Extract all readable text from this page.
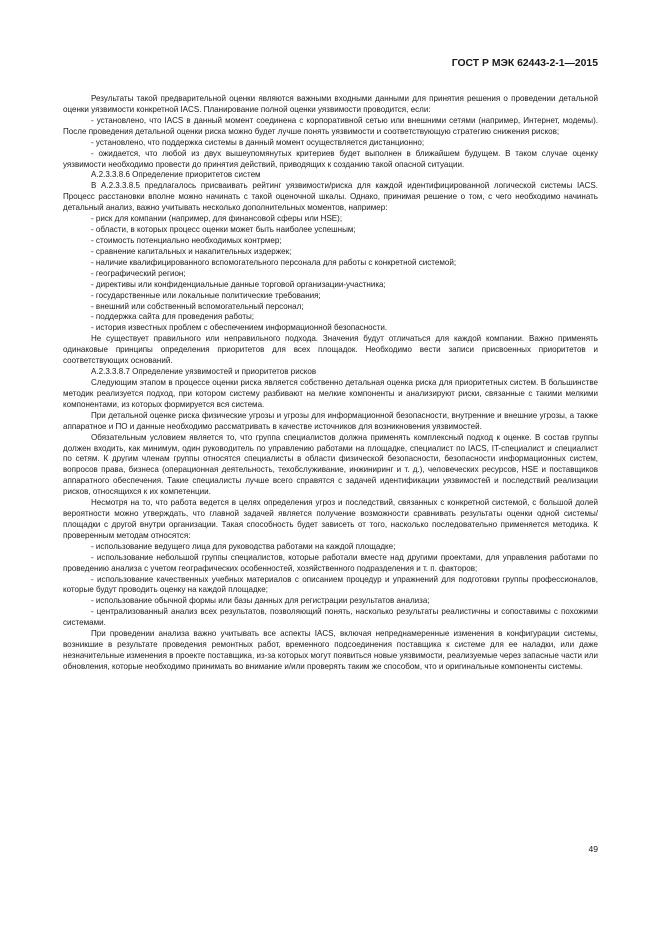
ГОСТ Р МЭК 62443-2-1—2015

Результаты такой предварительной оценки являются важными входными данными для принятия решения о проведении детальной оценки уязвимости конкретной IACS. Планирование полной оценки уязвимости проводится, если:

- установлено, что IACS в данный момент соединена с корпоративной сетью или внешними сетями (например, Интернет, модемы). После проведения детальной оценки риска можно будет лучше понять уязвимости и соответствующую стратегию снижения рисков;

- установлено, что поддержка системы в данный момент осуществляется дистанционно;

- ожидается, что любой из двух вышеупомянутых критериев будет выполнен в ближайшем будущем. В таком случае оценку уязвимости необходимо провести до принятия действий, приводящих к созданию такой опасной ситуации.

А.2.3.3.8.6 Определение приоритетов систем

В А.2.3.3.8.5 предлагалось присваивать рейтинг уязвимости/риска для каждой идентифицированной логической системы IACS. Процесс расстановки вполне можно начинать с такой оценочной шкалы. Однако, принимая решение о том, с чего необходимо начинать детальный анализ, важно учитывать несколько дополнительных моментов, например:

- риск для компании (например, для финансовой сферы или HSE);

- области, в которых процесс оценки может быть наиболее успешным;

- стоимость потенциально необходимых контрмер;

- сравнение капитальных и накапительных издержек;

- наличие квалифицированного вспомогательного персонала для работы с конкретной системой;

- географический регион;

- директивы или конфиденциальные данные торговой организации-участника;

- государственные или локальные политические требования;

- внешний или собственный вспомогательный персонал;

- поддержка сайта для проведения работы;

- история известных проблем с обеспечением информационной безопасности.

Не существует правильного или неправильного подхода. Значения будут отличаться для каждой компании. Важно применять одинаковые принципы определения приоритетов для всех площадок. Необходимо вести записи присвоенных приоритетов и соответствующих оснований.

А.2.3.3.8.7 Определение уязвимостей и приоритетов рисков

Следующим этапом в процессе оценки риска является собственно детальная оценка риска для приоритетных систем. В большинстве методик реализуется подход, при котором систему разбивают на мелкие компоненты и анализируют риски, связанные с такими мелкими компонентами, из которых формируется вся система.

При детальной оценке риска физические угрозы и угрозы для информационной безопасности, внутренние и внешние угрозы, а также аппаратное и ПО и данные необходимо рассматривать в качестве источников для возникновения уязвимостей.

Обязательным условием является то, что группа специалистов должна применять комплексный подход к оценке. В состав группы должен входить, как минимум, один руководитель по управлению работами на площадке, специалист по IACS, IT-специалист и специалист по сетям. К другим членам группы относятся специалисты в области физической безопасности, безопасности информационных систем, вопросов права, бизнеса (операционная деятельность, техобслуживание, инжиниринг и т. д.), человеческих ресурсов, HSE и поставщиков аппаратного обеспечения. Такие специалисты лучше всего справятся с задачей идентификации уязвимостей и последствий реализации рисков, относящихся к их компетенции.

Несмотря на то, что работа ведется в целях определения угроз и последствий, связанных с конкретной системой, с большой долей вероятности можно утверждать, что главной задачей является получение возможности сравнивать результаты оценки одной системы/площадки с другой внутри организации. Такая способность будет зависеть от того, насколько последовательно применяется методика. К проверенным методам относятся:

- использование ведущего лица для руководства работами на каждой площадке;

- использование небольшой группы специалистов, которые работали вместе над другими проектами, для управления работами по проведению анализа с учетом географических особенностей, хозяйственного подразделения и т. п. факторов;

- использование качественных учебных материалов с описанием процедур и упражнений для подготовки группы профессионалов, которые будут проводить оценку на каждой площадке;

- использование обычной формы или базы данных для регистрации результатов анализа;

- централизованный анализ всех результатов, позволяющий понять, насколько результаты реалистичны и сопоставимы с похожими системами.

При проведении анализа важно учитывать все аспекты IACS, включая непреднамеренные изменения в конфигурации системы, возникшие в результате проведения ремонтных работ, временного подсоединения поставщика к системе для ее наладки, или даже незначительные изменения в проекте поставщика, из-за которых могут появиться новые уязвимости, реализуемые через запасные части или обновления, которые необходимо принимать во внимание и/или проверять таким же способом, что и оригинальные компоненты системы.

49
